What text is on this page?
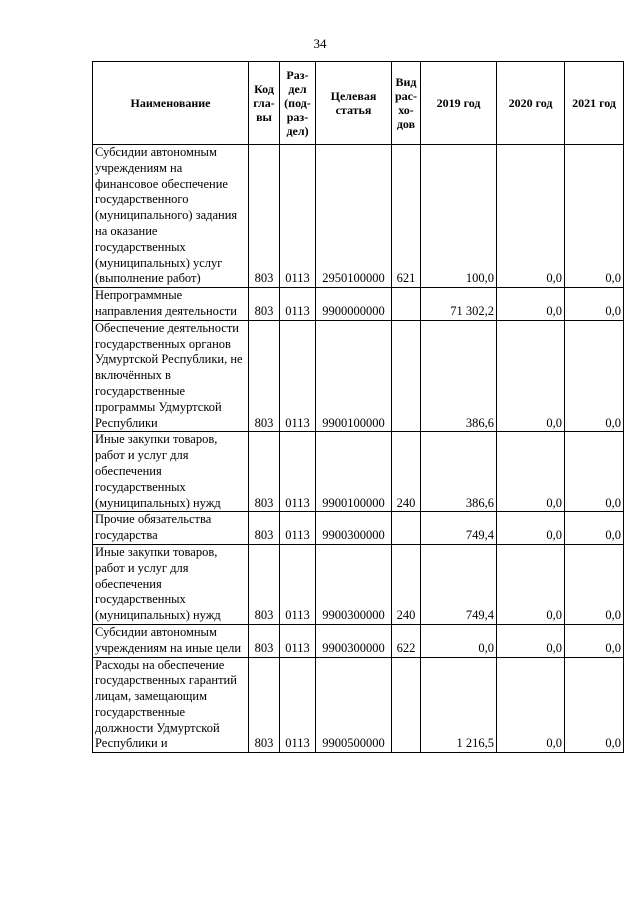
34
Наименование	Код
гла-
вы	Раз-
дел
(под-
раз-
дел)	Целевая
статья	Вид
рас-
хо-
дов	2019 год	2020 год	2021 год
Субсидии автономным учреждениям на финансовое обеспечение государственного (муниципального) задания на оказание государственных (муниципальных) услуг (выполнение работ)	803	0113	2950100000	621	100,0	0,0	0,0
Непрограммные направления деятельности	803	0113	9900000000		71 302,2	0,0	0,0
Обеспечение деятельности государственных органов Удмуртской Республики, не включённых в государственные программы Удмуртской Республики	803	0113	9900100000		386,6	0,0	0,0
Иные закупки товаров, работ и услуг для обеспечения государственных (муниципальных) нужд	803	0113	9900100000	240	386,6	0,0	0,0
Прочие обязательства государства	803	0113	9900300000		749,4	0,0	0,0
Иные закупки товаров, работ и услуг для обеспечения государственных (муниципальных) нужд	803	0113	9900300000	240	749,4	0,0	0,0
Субсидии автономным учреждениям на иные цели	803	0113	9900300000	622	0,0	0,0	0,0
Расходы на обеспечение государственных гарантий лицам, замещающим государственные должности Удмуртской Республики и	803	0113	9900500000		1 216,5	0,0	0,0
